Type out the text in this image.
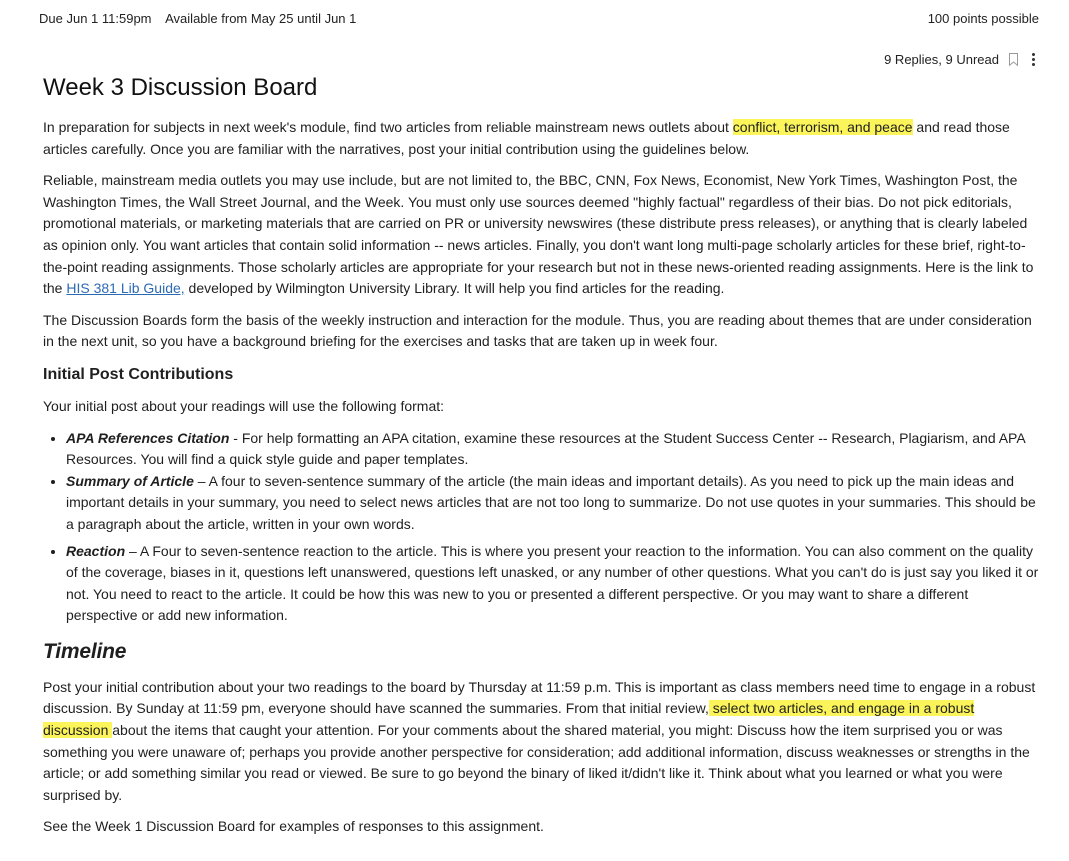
Due Jun 1 11:59pm Available from May 25 until Jun 1	100 points possible
9 Replies, 9 Unread
Week 3 Discussion Board

In preparation for subjects in next week's module, find two articles from reliable mainstream news outlets about conflict, terrorism, and peace and read those articles carefully. Once you are familiar with the narratives, post your initial contribution using the guidelines below.

Reliable, mainstream media outlets you may use include, but are not limited to, the BBC, CNN, Fox News, Economist, New York Times, Washington Post, the Washington Times, the Wall Street Journal, and the Week. You must only use sources deemed "highly factual" regardless of their bias. Do not pick editorials, promotional materials, or marketing materials that are carried on PR or university newswires (these distribute press releases), or anything that is clearly labeled as opinion only. You want articles that contain solid information -- news articles. Finally, you don't want long multi-page scholarly articles for these brief, right-to-the-point reading assignments. Those scholarly articles are appropriate for your research but not in these news-oriented reading assignments. Here is the link to the HIS 381 Lib Guide, developed by Wilmington University Library. It will help you find articles for the reading.

The Discussion Boards form the basis of the weekly instruction and interaction for the module. Thus, you are reading about themes that are under consideration in the next unit, so you have a background briefing for the exercises and tasks that are taken up in week four.

Initial Post Contributions

Your initial post about your readings will use the following format:

• APA References Citation - For help formatting an APA citation, examine these resources at the Student Success Center -- Research, Plagiarism, and APA Resources. You will find a quick style guide and paper templates.
• Summary of Article – A four to seven-sentence summary of the article (the main ideas and important details). As you need to pick up the main ideas and important details in your summary, you need to select news articles that are not too long to summarize. Do not use quotes in your summaries. This should be a paragraph about the article, written in your own words.
• Reaction – A Four to seven-sentence reaction to the article. This is where you present your reaction to the information. You can also comment on the quality of the coverage, biases in it, questions left unanswered, questions left unasked, or any number of other questions. What you can't do is just say you liked it or not. You need to react to the article. It could be how this was new to you or presented a different perspective. Or you may want to share a different perspective or add new information.
Timeline

Post your initial contribution about your two readings to the board by Thursday at 11:59 p.m. This is important as class members need time to engage in a robust discussion. By Sunday at 11:59 pm, everyone should have scanned the summaries. From that initial review, select two articles, and engage in a robust discussion about the items that caught your attention. For your comments about the shared material, you might: Discuss how the item surprised you or was something you were unaware of; perhaps you provide another perspective for consideration; add additional information, discuss weaknesses or strengths in the article; or add something similar you read or viewed. Be sure to go beyond the binary of liked it/didn't like it. Think about what you learned or what you were surprised by.

See the Week 1 Discussion Board for examples of responses to this assignment.
